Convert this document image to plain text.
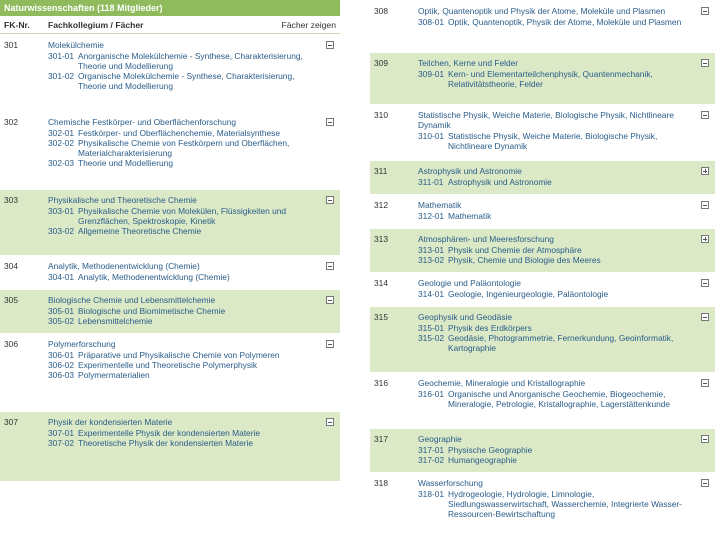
Naturwissenschaften (118 Mitglieder)
FK-Nr.	Fachkollegium / Fächer	Fächer zeigen
301	Molekülchemie
301-01 Anorganische Molekülchemie - Synthese, Charakterisierung, Theorie und Modellierung
301-02 Organische Molekülchemie - Synthese, Charakterisierung, Theorie und Modellierung
302	Chemische Festkörper- und Oberflächenforschung
302-01 Festkörper- und Oberflächenchemie, Materialsynthese
302-02 Physikalische Chemie von Festkörpern und Oberflächen, Materialcharakterisierung
302-03 Theorie und Modellierung
303	Physikalische und Theoretische Chemie
303-01 Physikalische Chemie von Molekülen, Flüssigkeiten und Grenzflächen, Spektroskopie, Kinetik
303-02 Allgemeine Theoretische Chemie
304	Analytik, Methodenentwicklung (Chemie)
304-01 Analytik, Methodenentwicklung (Chemie)
305	Biologische Chemie und Lebensmittelchemie
305-01 Biologische und Biomimetische Chemie
305-02 Lebensmittelchemie
306	Polymerforschung
306-01 Präparative und Physikalische Chemie von Polymeren
306-02 Experimentelle und Theoretische Polymerphysik
306-03 Polymermaterialien
307	Physik der kondensierten Materie
307-01 Experimentelle Physik der kondensierten Materie
307-02 Theoretische Physik der kondensierten Materie
308	Optik, Quantenoptik und Physik der Atome, Moleküle und Plasmen
308-01 Optik, Quantenoptik, Physik der Atome, Moleküle und Plasmen
309	Teilchen, Kerne und Felder
309-01 Kern- und Elementarteilchenphysik, Quantenmechanik, Relativitätstheorie, Felder
310	Statistische Physik, Weiche Materie, Biologische Physik, Nichtlineare Dynamik
310-01 Statistische Physik, Weiche Materie, Biologische Physik, Nichtlineare Dynamik
311	Astrophysik und Astronomie
311-01 Astrophysik und Astronomie
312	Mathematik
312-01 Mathematik
313	Atmosphären- und Meeresforschung
313-01 Physik und Chemie der Atmosphäre
313-02 Physik, Chemie und Biologie des Meeres
314	Geologie und Paläontologie
314-01 Geologie, Ingenieurgeologie, Paläontologie
315	Geophysik und Geodäsie
315-01 Physik des Erdkörpers
315-02 Geodäsie, Photogrammetrie, Fernerkundung, Geoinformatik, Kartographie
316	Geochemie, Mineralogie und Kristallographie
316-01 Organische und Anorganische Geochemie, Biogeochemie, Mineralogie, Petrologie, Kristallographie, Lagerstättenkunde
317	Geographie
317-01 Physische Geographie
317-02 Humangeographie
318	Wasserforschung
318-01 Hydrogeologie, Hydrologie, Limnologie, Siedlungswasserwirtschaft, Wasserchemie, Integrierte Wasser-Ressourcen-Bewirtschaftung
